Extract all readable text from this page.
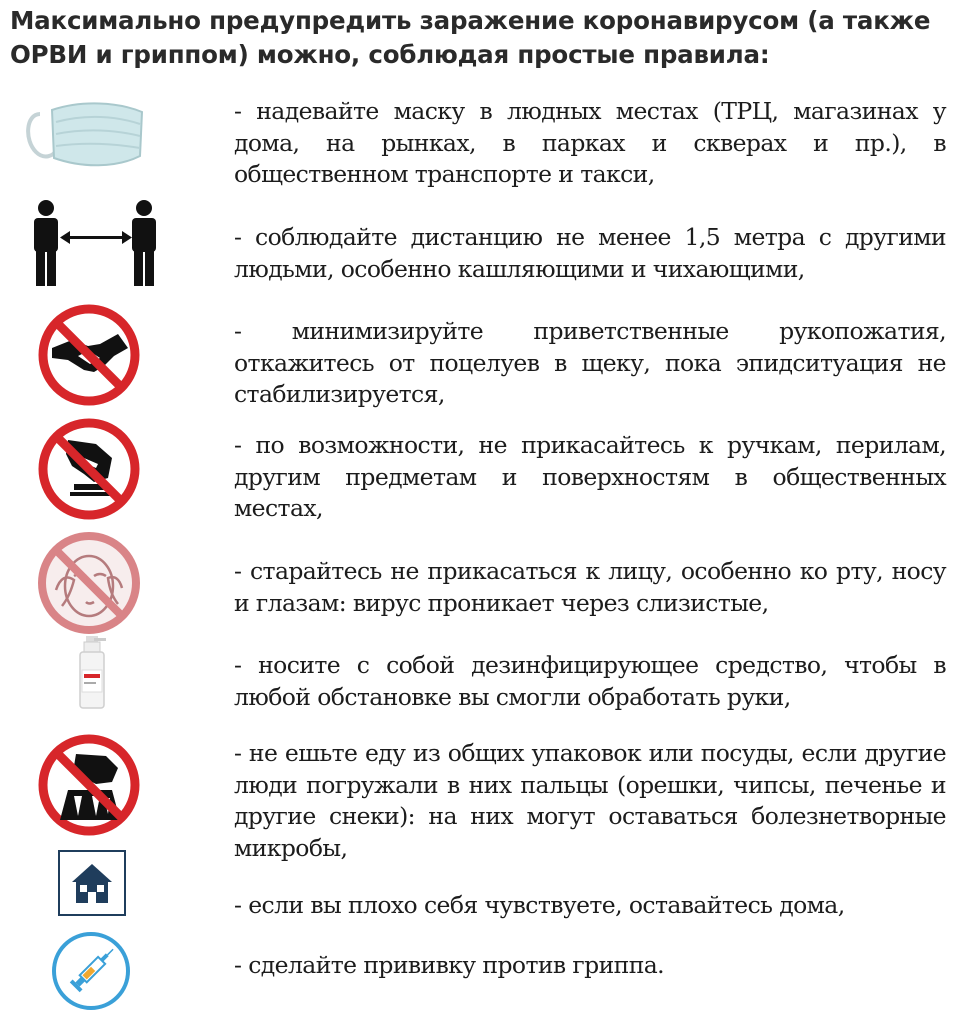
Максимально предупредить заражение коронавирусом (а также ОРВИ и гриппом) можно, соблюдая простые правила:
- надевайте маску в людных местах (ТРЦ, магазинах у дома, на рынках, в парках и скверах и пр.), в общественном транспорте и такси,
- соблюдайте дистанцию не менее 1,5 метра с другими людьми, особенно кашляющими и чихающими,
- минимизируйте приветственные рукопожатия, откажитесь от поцелуев в щеку, пока эпидситуация не стабилизируется,
- по возможности, не прикасайтесь к ручкам, перилам, другим предметам и поверхностям в общественных местах,
- старайтесь не прикасаться к лицу, особенно ко рту, носу и глазам: вирус проникает через слизистые,
- носите с собой дезинфицирующее средство, чтобы в любой обстановке вы смогли обработать руки,
- не ешьте еду из общих упаковок или посуды, если другие люди погружали в них пальцы (орешки, чипсы, печенье и другие снеки): на них могут оставаться болезнетворные микробы,
- если вы плохо себя чувствуете, оставайтесь дома,
- сделайте прививку против гриппа.
